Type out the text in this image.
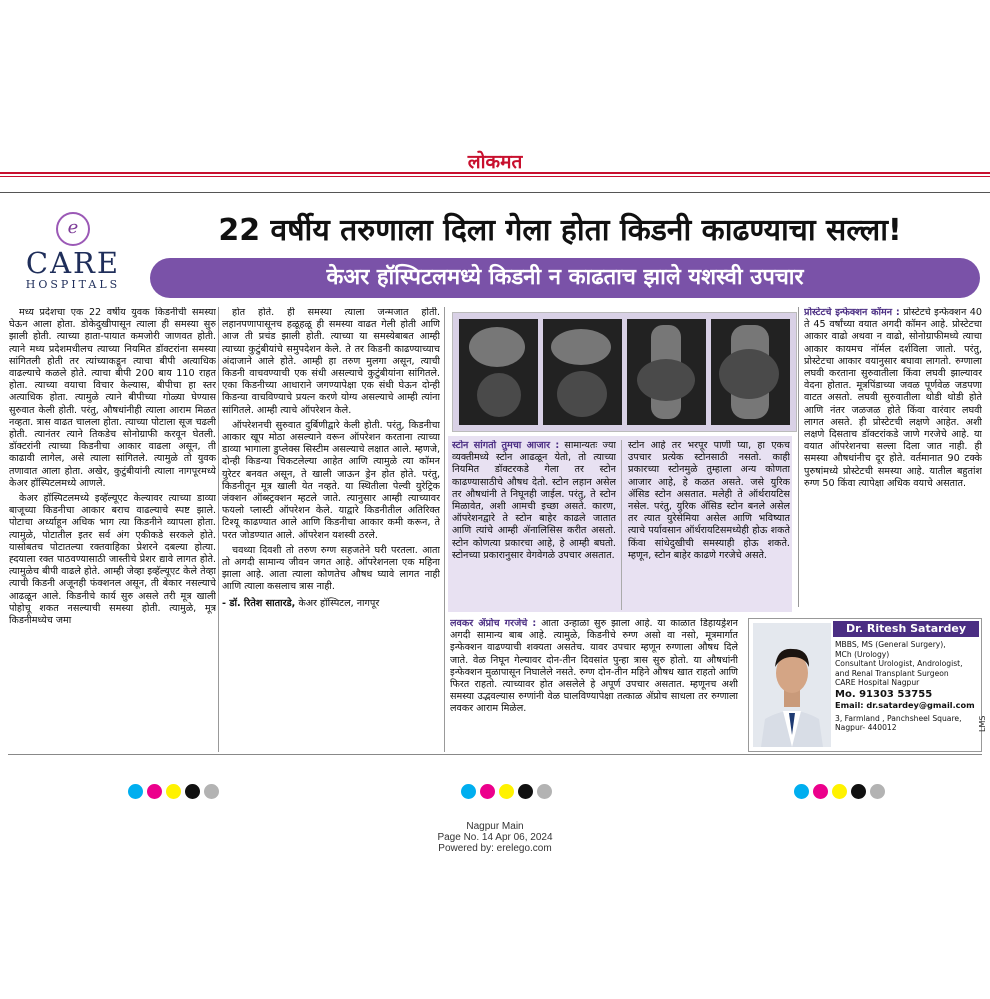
लोकमत
e
CARE
HOSPITALS
22 वर्षीय तरुणाला दिला गेला होता किडनी काढण्याचा सल्ला!
केअर हॉस्पिटलमध्ये किडनी न काढताच झाले यशस्वी उपचार

मध्य प्रदेशचा एक 22 वर्षीय युवक किडनीची समस्या घेऊन आला होता. डोकेदुखीपासून त्याला ही समस्या सुरु झाली होती. त्याच्या हाता-पायात कमजोरी जाणवत होती. त्याने मध्य प्रदेशमधीलच त्याच्या नियमित डॉक्टरांना समस्या सांगितली होती तर त्यांच्याकडून त्याचा बीपी अत्याधिक वाढल्याचे कळले होते. त्याचा बीपी 200 बाय 110 राहत होता. त्याच्या वयाचा विचार केल्यास, बीपीचा हा स्तर अत्याधिक होता. त्यामुळे त्याने बीपीच्या गोळ्या घेण्यास सुरुवात केली होती. परंतु, औषधांनीही त्याला आराम मिळत नव्हता. त्रास वाढत चालला होता. त्याच्या पोटाला सूज चढली होती. त्यानंतर त्याने तिकडेच सोनोग्राफी करवून घेतली. डॉक्टरांनी त्याच्या किडनीचा आकार वाढला असून, ती काढावी लागेल, असे त्याला सांगितले. त्यामुळे तो युवक तणावात आला होता. अखेर, कुटुंबीयांनी त्याला नागपूरमध्ये केअर हॉस्पिटलमध्ये आणले.

केअर हॉस्पिटलमध्ये इव्हॅल्यूएट केल्यावर त्याच्या डाव्या बाजूच्या किडनीचा आकार बराच वाढल्याचे स्पष्ट झाले. पोटाचा अर्ध्याहून अधिक भाग त्या किडनीने व्यापला होता. त्यामुळे, पोटातील इतर सर्व अंग एकीकडे सरकले होते. यासोबतच पोटातल्या रक्तवाहिका प्रेशरने दबल्या होत्या. ह्दयाला रक्त पाठवण्यासाठी जास्तीचे प्रेशर द्यावे लागत होते. त्यामुळेच बीपी वाढले होते. आम्ही जेव्हा इव्हॅल्यूएट केले तेव्हा त्याची किडनी अजूनही फंक्शनल असून, ती बेकार नसल्याचे आढळून आले. किडनीचे कार्य सुरु असले तरी मूत्र खाली पोहोचू शकत नसल्याची समस्या होती. त्यामुळे, मूत्र किडनीमध्येच जमा

होत होते. ही समस्या त्याला जन्मजात होती. लहानपणापासूनच हळूहळू ही समस्या वाढत गेली होती आणि आज ती प्रचंड झाली होती. त्याच्या या समस्येबाबत आम्ही त्याच्या कुटुंबीयांचे समुपदेशन केले. ते तर किडनी काढण्याच्याच अंदाजाने आले होते. आम्ही हा तरुण मुलगा असून, त्याची किडनी वाचवण्याची एक संधी असल्याचे कुटुंबीयांना सांगितले. एका किडनीच्या आधाराने जगण्यापेक्षा एक संधी घेऊन दोन्ही किडन्या वाचविण्याचे प्रयत्न करणे योग्य असल्याचे आम्ही त्यांना सांगितले. आम्ही त्याचे ऑपरेशन केले.

ऑपरेशनची सुरुवात दुर्बिणीद्वारे केली होती. परंतु, किडनीचा आकार खूप मोठा असल्याने वरून ऑपरेशन करताना त्याच्या डाव्या भागाला डुप्लेक्स सिस्टीम असल्याचे लक्षात आले. म्हणजे, दोन्ही किडन्या चिकटलेल्या आहेत आणि त्यामुळे त्या कॉमन युरेटर बनवत असून, ते खाली जाऊन ड्रेन होत होते. परंतु, किडनीतून मूत्र खाली येत नव्हते. या स्थितीला पेल्वी युरेट्रिक जंक्शन ऑब्स्ट्रक्शन म्हटले जाते. त्यानुसार आम्ही त्याच्यावर फयलो प्लास्टी ऑपरेशन केले. याद्वारे किडनीतील अतिरिक्त टिश्यू काढण्यात आले आणि किडनीचा आकार कमी करून, ते परत जोडण्यात आले. ऑपरेशन यशस्वी ठरले.

चवथ्या दिवशी तो तरुण रुग्ण सहजतेने घरी परतला. आता तो अगदी सामान्य जीवन जगत आहे. ऑपरेशनला एक महिना झाला आहे. आता त्याला कोणतेच औषध घ्यावे लागत नाही आणि त्याला कसलाच त्रास नाही.

- डॉ. रितेश सातारडे, केअर हॉस्पिटल, नागपूर

स्टोन सांगतो तुमचा आजार : सामान्यतः ज्या व्यक्तीमध्ये स्टोन आढळून येतो, तो त्याच्या नियमित डॉक्टरकडे गेला तर स्टोन काढण्यासाठीचे औषध देतो. स्टोन लहान असेल तर औषधांनी ते निघूनही जाईल. परंतु, ते स्टोन मिळावेत, अशी आमची इच्छा असते. कारण, ऑपरेशनद्वारे ते स्टोन बाहेर काढले जातात आणि त्यांचे आम्ही ॲनालिसिस करीत असतो. स्टोन कोणत्या प्रकारचा आहे, हे आम्ही बघतो. स्टोनच्या प्रकारानुसार वेगवेगळे उपचार असतात.

स्टोन आहे तर भरपूर पाणी प्या, हा एकच उपचार प्रत्येक स्टोनसाठी नसतो. काही प्रकारच्या स्टोनमुळे तुम्हाला अन्य कोणता आजार आहे, हे कळत असते. जसे युरिक ॲसिड स्टोन असतात. मलेही ते ऑर्थरायटिस नसेल. परंतु, युरिक ॲसिड स्टोन बनले असेल तर त्यात युरेसेमिया असेल आणि भविष्यात त्याचे पर्यावसान ऑर्थरायटिसमध्येही होऊ शकते किंवा सांधेदुखीची समस्याही होऊ शकते. म्हणून, स्टोन बाहेर काढणे गरजेचे असते.

प्रोस्टेटचे इन्फेक्शन कॉमन : प्रोस्टेटचे इन्फेक्शन 40 ते 45 वर्षांच्या वयात अगदी कॉमन आहे. प्रोस्टेटचा आकार वाढो अथवा न वाढो, सोनोग्राफीमध्ये त्याचा आकार कायमच नॉर्मल दर्शविला जातो. परंतु, प्रोस्टेटचा आकार वयानुसार बघावा लागतो. रुग्णाला लघवी करताना सुरुवातीला किंवा लघवी झाल्यावर वेदना होतात. मूत्रपिंडाच्या जवळ पूर्णवेळ जडपणा वाटत असतो. लघवी सुरुवातीला थोडी थोडी होते आणि नंतर जळजळ होते किंवा वारंवार लघवी लागत असते. ही प्रोस्टेटची लक्षणे आहेत. अशी लक्षणे दिसताच डॉक्टरांकडे जाणे गरजेचे आहे. या वयात ऑपरेशनचा सल्ला दिला जात नाही. ही समस्या औषधांनीच दूर होते. वर्तमानात 90 टक्के पुरुषांमध्ये प्रोस्टेटची समस्या आहे. यातील बहुतांश रुग्ण 50 किंवा त्यापेक्षा अधिक वयाचे असतात.

लवकर ॲप्रोच गरजेचे : आता उन्हाळा सुरु झाला आहे. या काळात डिहायड्रेशन अगदी सामान्य बाब आहे. त्यामुळे, किडनीचे रुग्ण असो वा नसो, मूत्रमार्गात इन्फेक्शन वाढण्याची शक्यता असतेच. यावर उपचार म्हणून रुग्णाला औषध दिले जाते. वेळ निघून गेल्यावर दोन-तीन दिवसांत पुन्हा त्रास सुरु होतो. या औषधांनी इन्फेक्शन मुळापासून निघालेले नसते. रुग्ण दोन-तीन महिने औषध खात राहतो आणि फिरत राहतो. त्याच्यावर होत असलेले हे अपूर्ण उपचार असतात. म्हणूनच अशी समस्या उद्भवल्यास रुग्णांनी वेळ घालविण्यापेक्षा तत्काळ ॲप्रोच साधला तर रुग्णाला लवकर आराम मिळेल.

Dr. Ritesh Satardey
MBBS, MS (General Surgery),
MCh (Urology)
Consultant Urologist, Andrologist,
and Renal Transplant Surgeon
CARE Hospital Nagpur
Mo. 91303 53755
Email: dr.satardey@gmail.com
3, Farmland , Panchsheel Square,
Nagpur- 440012	LMS
Nagpur Main
Page No. 14 Apr 06, 2024
Powered by: erelego.com
